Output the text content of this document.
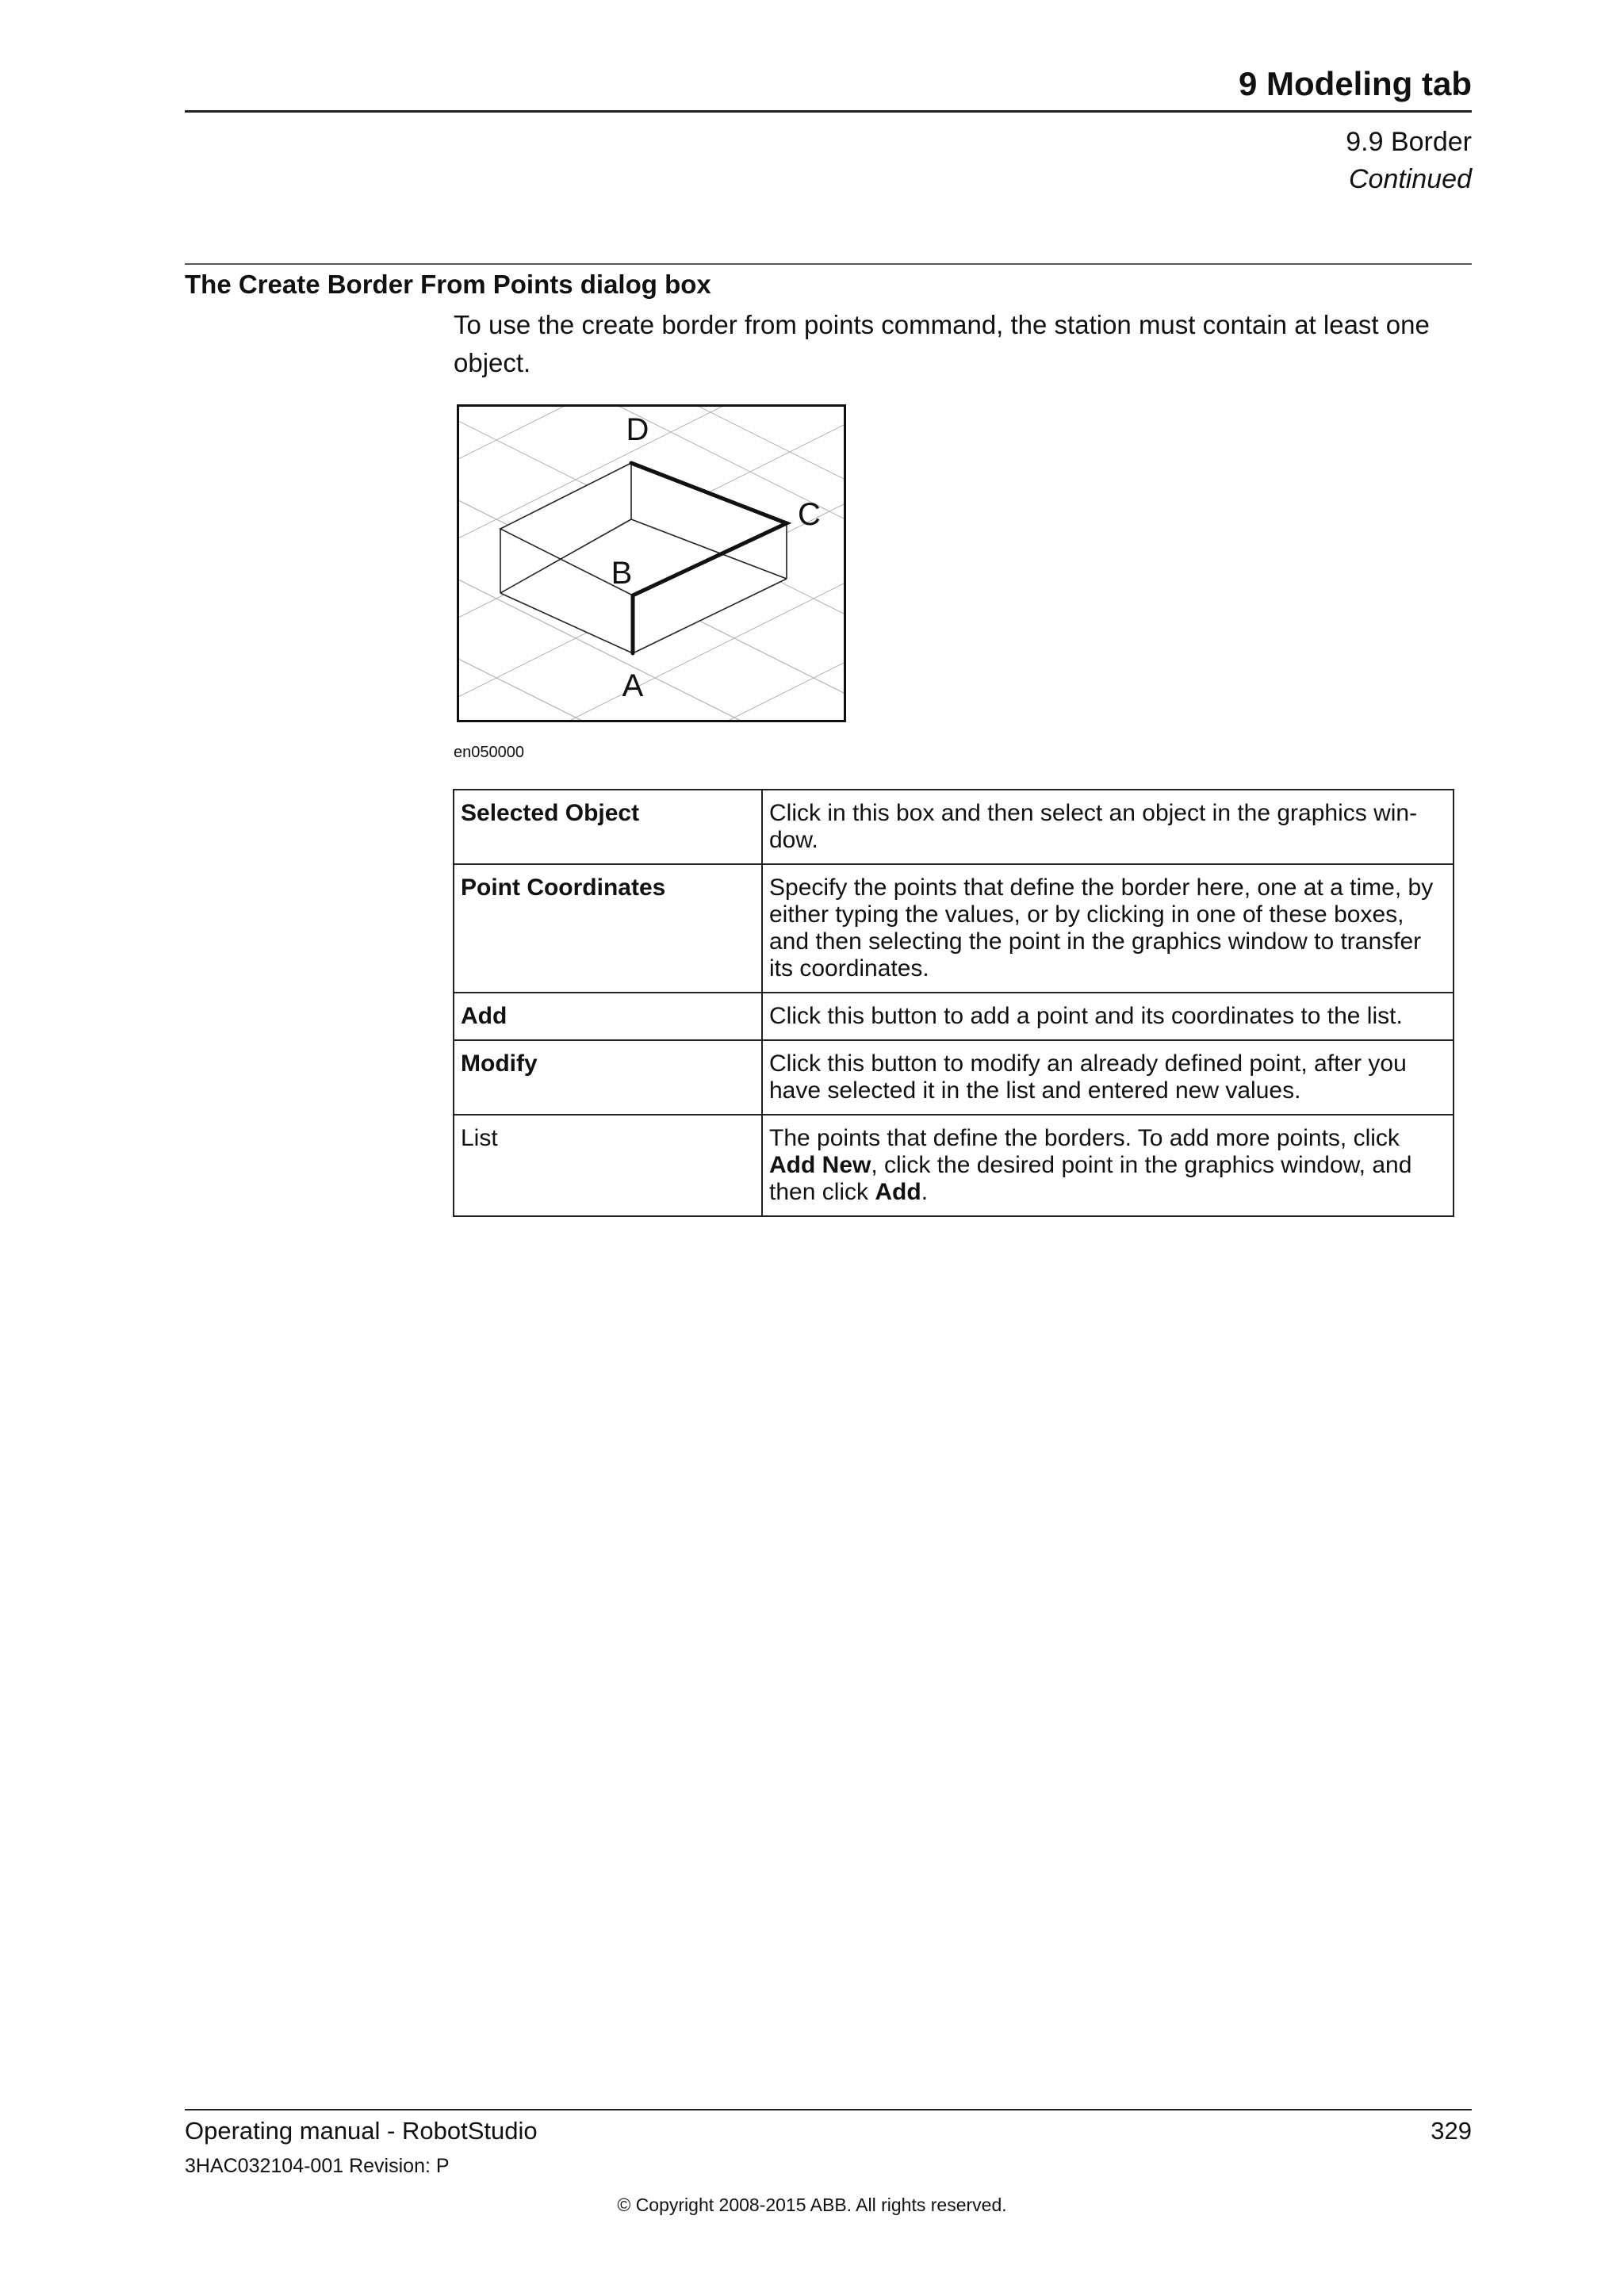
9 Modeling tab
9.9 Border
Continued
The Create Border From Points dialog box
To use the create border from points command, the station must contain at least one object.
D
C
B
A
en050000
Selected Object	Click in this box and then select an object in the graphics win-dow.
Point Coordinates	Specify the points that define the border here, one at a time, by either typing the values, or by clicking in one of these boxes, and then selecting the point in the graphics window to transfer its coordinates.
Add	Click this button to add a point and its coordinates to the list.
Modify	Click this button to modify an already defined point, after you have selected it in the list and entered new values.
List	The points that define the borders. To add more points, click Add New, click the desired point in the graphics window, and then click Add.
Operating manual - RobotStudio	329
3HAC032104-001 Revision: P
© Copyright 2008-2015 ABB. All rights reserved.
